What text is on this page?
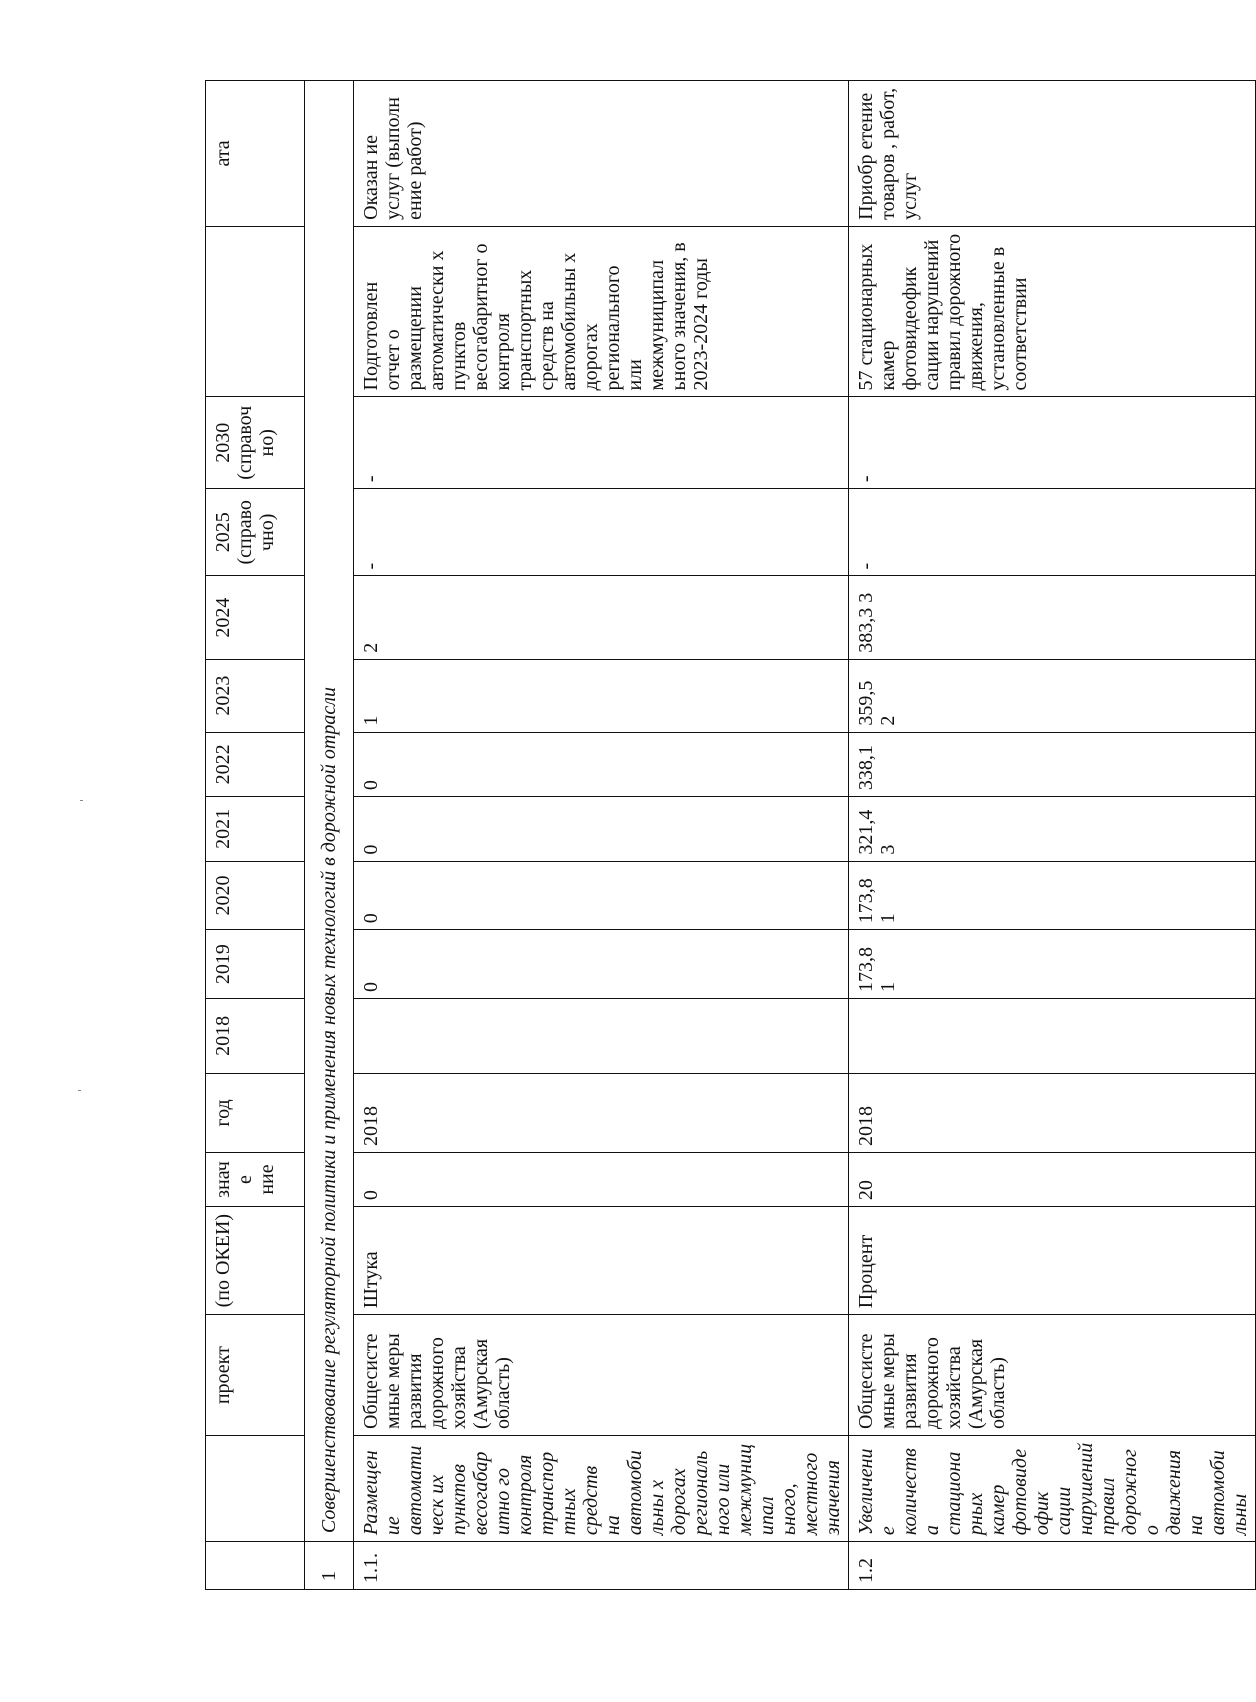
		проект	(по ОКЕИ)	значе ние	год	2018	2019	2020	2021	2022	2023	2024	2025 (справо чно)	2030 (справоч но)		ата
1	Совершенствование регуляторной политики и применения новых технологий в дорожной отрасли															
1.1.	Размещение автоматическ их пунктов весогабаритно го контроля транспортных средств на автомобильны х дорогах регионального или межмуниципал ьного, местного значения	Общесисте мные меры развития дорожного хозяйства (Амурская область)	Штука	0	2018		0	0	0	0	1	2	-	-	Подготовлен отчет о размещении автоматически х пунктов весогабаритног о контроля транспортных средств на автомобильны х дорогах регионального или межмуниципал ьного значения, в 2023-2024 годы	Оказан ие услуг (выполн ение работ)
1.2	Увеличение количества стационарных камер фотовидеофик сации нарушений правил дорожного движения на автомобильны	Общесисте мные меры развития дорожного хозяйства (Амурская область)	Процент	20	2018		173,8 1	173,8 1	321,4 3	338,1	359,5 2	383,3 3	-	-	57 стационарных камер фотовидеофик сации нарушений правил дорожного движения, установленные в соответствии	Приобр етение товаров , работ, услуг
